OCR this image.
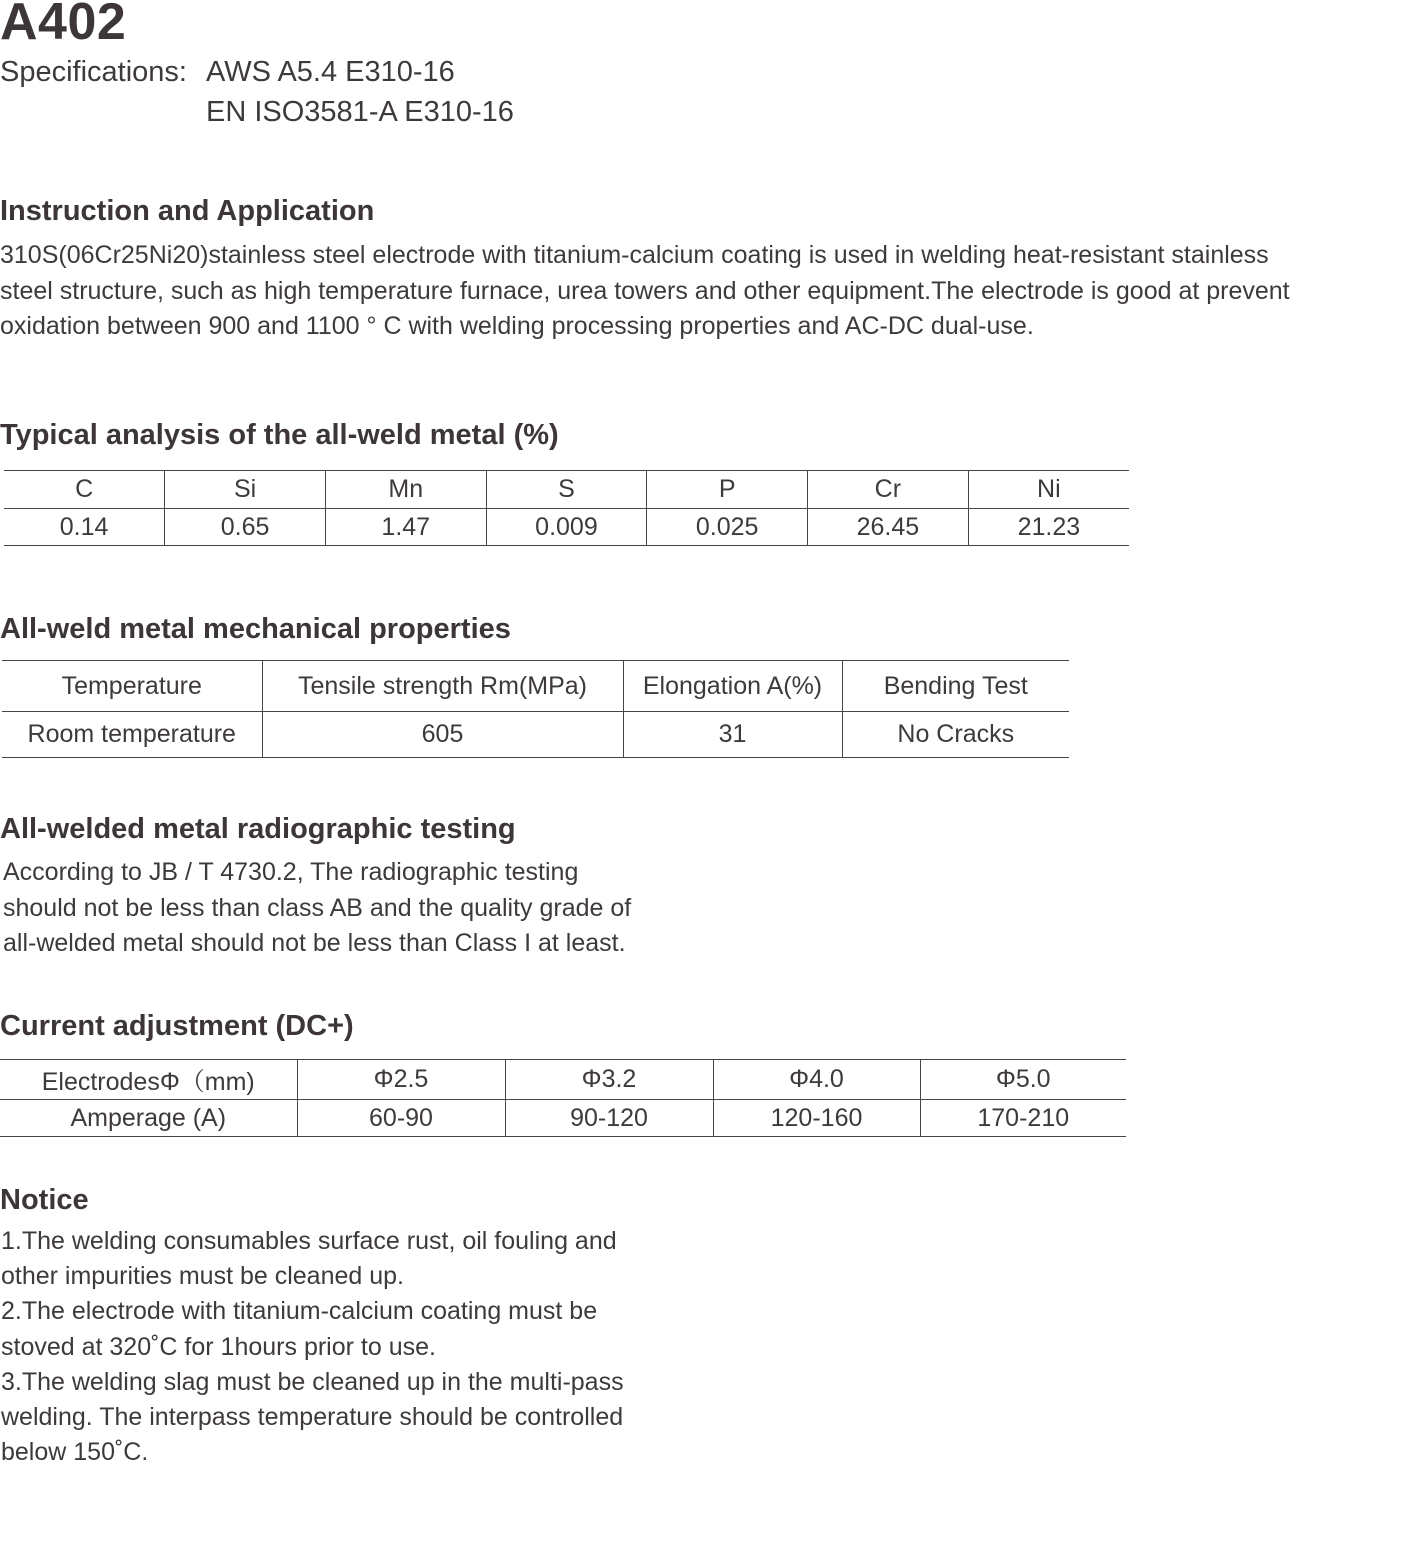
A402
Specifications: AWS A5.4 E310-16
EN ISO3581-A E310-16
Instruction and Application
310S(06Cr25Ni20)stainless steel electrode with titanium-calcium coating is used in welding heat-resistant stainless
steel structure, such as high temperature furnace, urea towers and other equipment.The electrode is good at prevent
oxidation between 900 and 1100 ° C with welding processing properties and AC-DC dual-use.
Typical analysis of the all-weld metal (%)
C	Si	Mn	S	P	Cr	Ni
0.14	0.65	1.47	0.009	0.025	26.45	21.23
All-weld metal mechanical properties
Temperature	Tensile strength Rm(MPa)	Elongation A(%)	Bending Test
Room temperature	605	31	No Cracks
All-welded metal radiographic testing
According to JB / T 4730.2, The radiographic testing
should not be less than class AB and the quality grade of
all-welded metal should not be less than Class I at least.
Current adjustment (DC+)
ElectrodesΦ（mm)	Φ2.5	Φ3.2	Φ4.0	Φ5.0
Amperage (A)	60-90	90-120	120-160	170-210
Notice
1.The welding consumables surface rust, oil fouling and
other impurities must be cleaned up.
2.The electrode with titanium-calcium coating must be
stoved at 320˚C for 1hours prior to use.
3.The welding slag must be cleaned up in the multi-pass
welding. The interpass temperature should be controlled
below 150˚C.
